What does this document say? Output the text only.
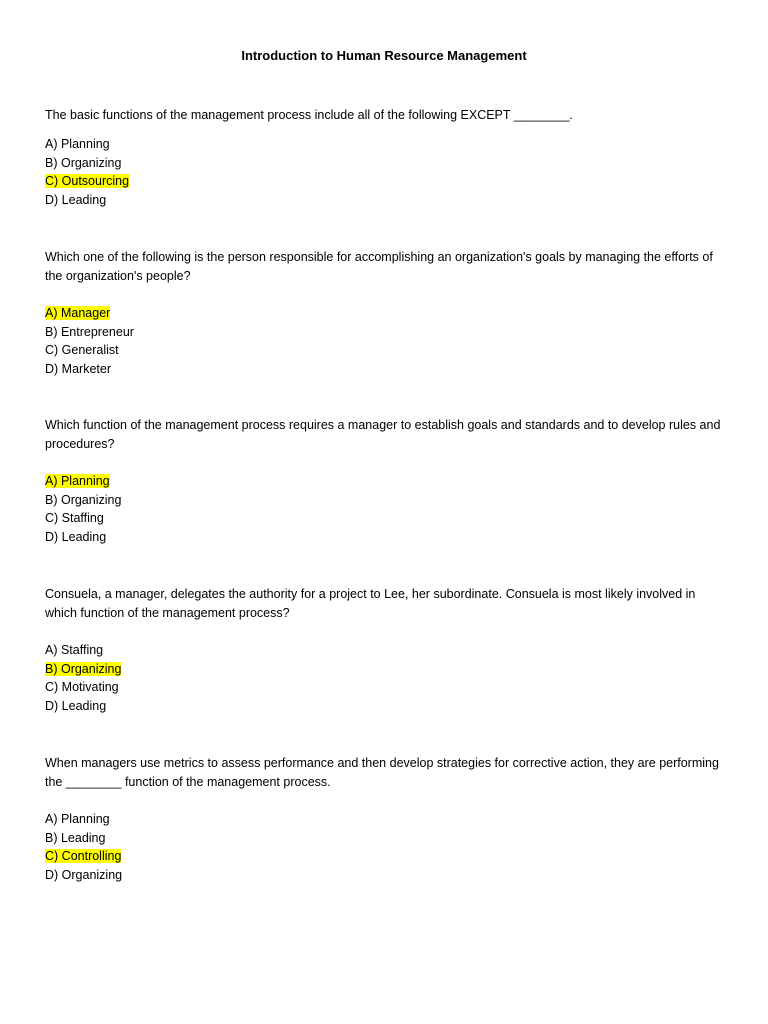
Introduction to Human Resource Management

The basic functions of the management process include all of the following EXCEPT ________.

A) Planning
B) Organizing
C) Outsourcing
D) Leading

Which one of the following is the person responsible for accomplishing an organization's goals by managing the efforts of the organization's people?

A) Manager
B) Entrepreneur
C) Generalist
D) Marketer

Which function of the management process requires a manager to establish goals and standards and to develop rules and procedures?

A) Planning
B) Organizing
C) Staffing
D) Leading

Consuela, a manager, delegates the authority for a project to Lee, her subordinate. Consuela is most likely involved in which function of the management process?

A) Staffing
B) Organizing
C) Motivating
D) Leading

When managers use metrics to assess performance and then develop strategies for corrective action, they are performing the ________ function of the management process.

A) Planning
B) Leading
C) Controlling
D) Organizing
